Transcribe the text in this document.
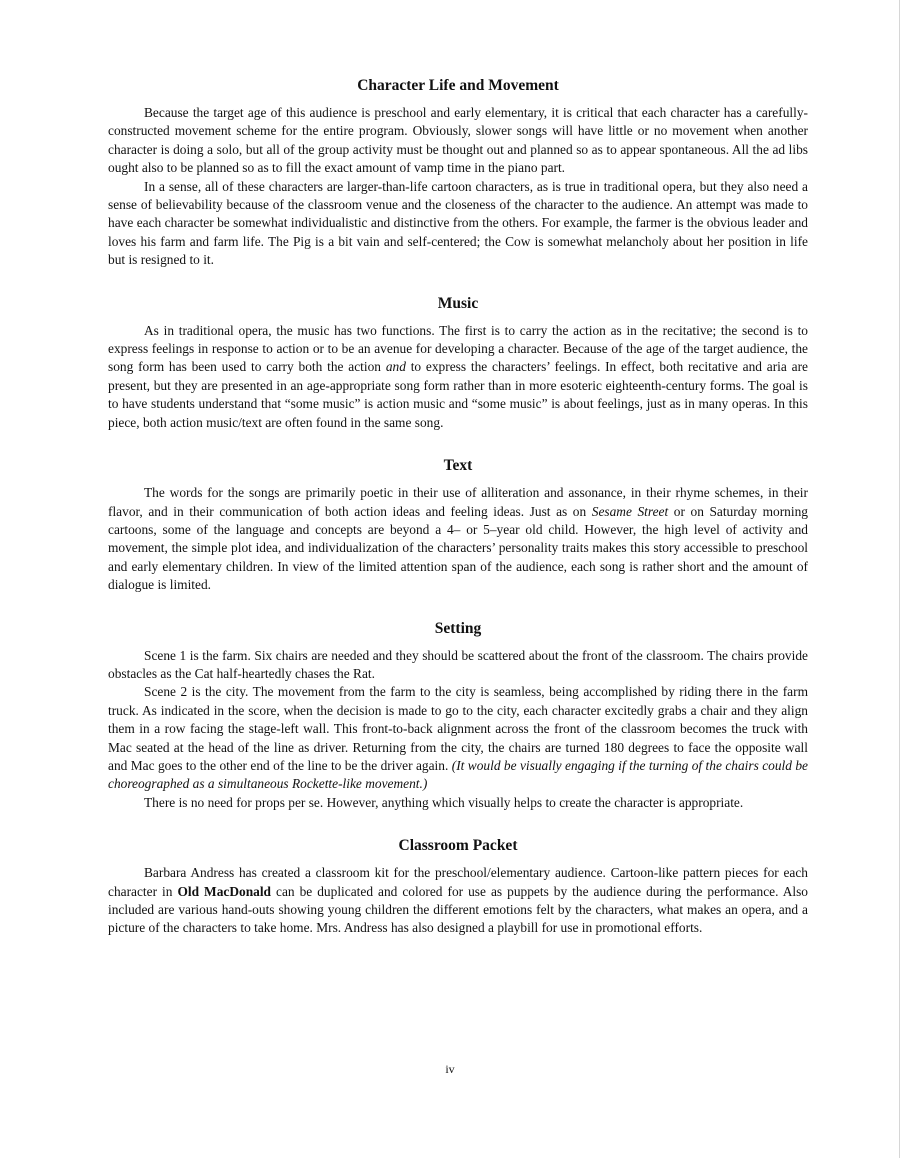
Character Life and Movement

Because the target age of this audience is preschool and early elementary, it is critical that each character has a carefully-constructed movement scheme for the entire program. Obviously, slower songs will have little or no movement when another character is doing a solo, but all of the group activity must be thought out and planned so as to appear spontaneous. All the ad libs ought also to be planned so as to fill the exact amount of vamp time in the piano part.

In a sense, all of these characters are larger-than-life cartoon characters, as is true in traditional opera, but they also need a sense of believability because of the classroom venue and the closeness of the character to the audience. An attempt was made to have each character be somewhat individualistic and distinctive from the others. For example, the farmer is the obvious leader and loves his farm and farm life. The Pig is a bit vain and self-centered; the Cow is somewhat melancholy about her position in life but is resigned to it.

Music

As in traditional opera, the music has two functions. The first is to carry the action as in the recitative; the second is to express feelings in response to action or to be an avenue for developing a character. Because of the age of the target audience, the song form has been used to carry both the action and to express the characters’ feelings. In effect, both recitative and aria are present, but they are presented in an age-appropriate song form rather than in more esoteric eighteenth-century forms. The goal is to have students understand that “some music” is action music and “some music” is about feelings, just as in many operas. In this piece, both action music/text are often found in the same song.

Text

The words for the songs are primarily poetic in their use of alliteration and assonance, in their rhyme schemes, in their flavor, and in their communication of both action ideas and feeling ideas. Just as on Sesame Street or on Saturday morning cartoons, some of the language and concepts are beyond a 4– or 5–year old child. However, the high level of activity and movement, the simple plot idea, and individualization of the characters’ personality traits makes this story accessible to preschool and early elementary children. In view of the limited attention span of the audience, each song is rather short and the amount of dialogue is limited.

Setting

Scene 1 is the farm. Six chairs are needed and they should be scattered about the front of the classroom. The chairs provide obstacles as the Cat half-heartedly chases the Rat.

Scene 2 is the city. The movement from the farm to the city is seamless, being accomplished by riding there in the farm truck. As indicated in the score, when the decision is made to go to the city, each character excitedly grabs a chair and they align them in a row facing the stage-left wall. This front-to-back alignment across the front of the classroom becomes the truck with Mac seated at the head of the line as driver. Returning from the city, the chairs are turned 180 degrees to face the opposite wall and Mac goes to the other end of the line to be the driver again. (It would be visually engaging if the turning of the chairs could be choreographed as a simultaneous Rockette-like movement.)

There is no need for props per se. However, anything which visually helps to create the character is appropriate.

Classroom Packet

Barbara Andress has created a classroom kit for the preschool/elementary audience. Cartoon-like pattern pieces for each character in Old MacDonald can be duplicated and colored for use as puppets by the audience during the performance. Also included are various hand-outs showing young children the different emotions felt by the characters, what makes an opera, and a picture of the characters to take home. Mrs. Andress has also designed a playbill for use in promotional efforts.

iv
